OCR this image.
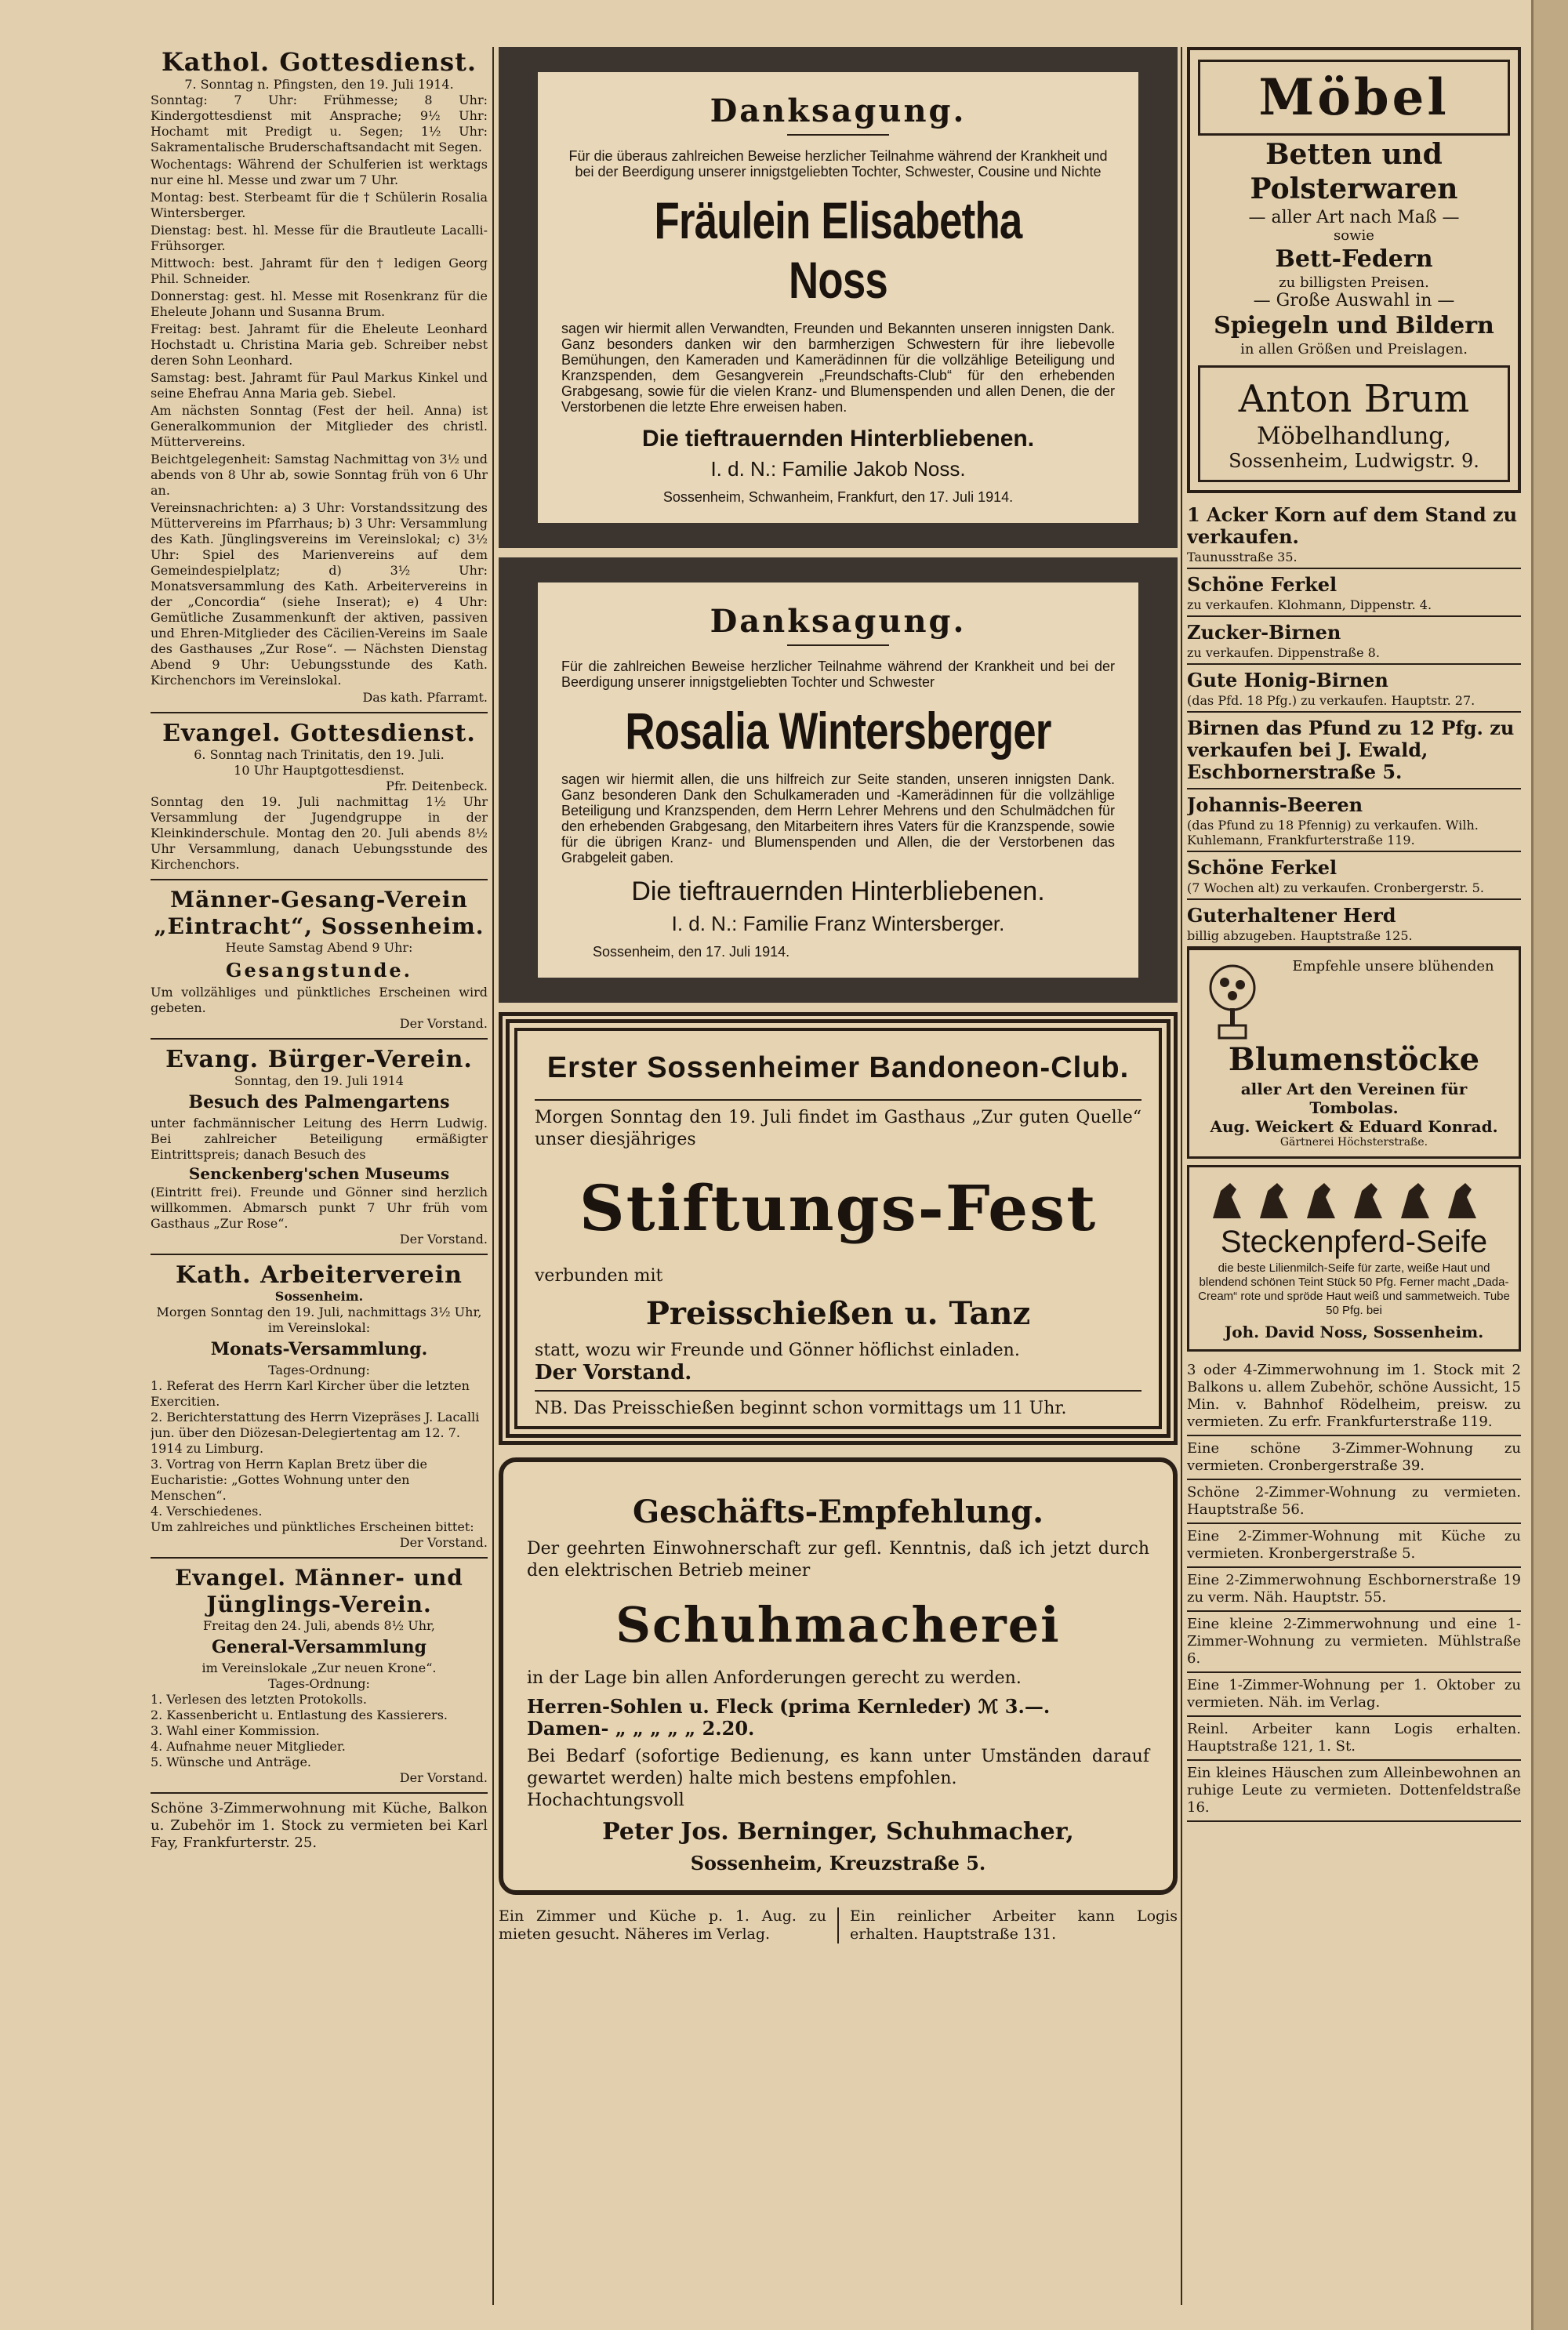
Kathol. Gottesdienst.

7. Sonntag n. Pfingsten, den 19. Juli 1914.

Sonntag: 7 Uhr: Frühmesse; 8 Uhr: Kindergottesdienst mit Ansprache; 9½ Uhr: Hochamt mit Predigt u. Segen; 1½ Uhr: Sakramentalische Bruderschaftsandacht mit Segen.

Wochentags: Während der Schulferien ist werktags nur eine hl. Messe und zwar um 7 Uhr.

Montag: best. Sterbeamt für die † Schülerin Rosalia Wintersberger.

Dienstag: best. hl. Messe für die Brautleute Lacalli-Frühsorger.

Mittwoch: best. Jahramt für den † ledigen Georg Phil. Schneider.

Donnerstag: gest. hl. Messe mit Rosenkranz für die Eheleute Johann und Susanna Brum.

Freitag: best. Jahramt für die Eheleute Leonhard Hochstadt u. Christina Maria geb. Schreiber nebst deren Sohn Leonhard.

Samstag: best. Jahramt für Paul Markus Kinkel und seine Ehefrau Anna Maria geb. Siebel.

Am nächsten Sonntag (Fest der heil. Anna) ist Generalkommunion der Mitglieder des christl. Müttervereins.

Beichtgelegenheit: Samstag Nachmittag von 3½ und abends von 8 Uhr ab, sowie Sonntag früh von 6 Uhr an.

Vereinsnachrichten: a) 3 Uhr: Vorstandssitzung des Müttervereins im Pfarrhaus; b) 3 Uhr: Versammlung des Kath. Jünglingsvereins im Vereinslokal; c) 3½ Uhr: Spiel des Marienvereins auf dem Gemeindespielplatz; d) 3½ Uhr: Monatsversammlung des Kath. Arbeitervereins in der „Concordia“ (siehe Inserat); e) 4 Uhr: Gemütliche Zusammenkunft der aktiven, passiven und Ehren-Mitglieder des Cäcilien-Vereins im Saale des Gasthauses „Zur Rose“. — Nächsten Dienstag Abend 9 Uhr: Uebungsstunde des Kath. Kirchenchors im Vereinslokal.

Das kath. Pfarramt.

Evangel. Gottesdienst.

6. Sonntag nach Trinitatis, den 19. Juli.

10 Uhr Hauptgottesdienst.

Pfr. Deitenbeck.

Sonntag den 19. Juli nachmittag 1½ Uhr Versammlung der Jugendgruppe in der Kleinkinderschule. Montag den 20. Juli abends 8½ Uhr Versammlung, danach Uebungsstunde des Kirchenchors.

Männer-Gesang-Verein „Eintracht“, Sossenheim.

Heute Samstag Abend 9 Uhr:

Gesangstunde.

Um vollzähliges und pünktliches Erscheinen wird gebeten.

Der Vorstand.

Evang. Bürger-Verein.

Sonntag, den 19. Juli 1914

Besuch des Palmengartens

unter fachmännischer Leitung des Herrn Ludwig. Bei zahlreicher Beteiligung ermäßigter Eintrittspreis; danach Besuch des

Senckenberg'schen Museums

(Eintritt frei). Freunde und Gönner sind herzlich willkommen. Abmarsch punkt 7 Uhr früh vom Gasthaus „Zur Rose“.

Der Vorstand.

Kath. Arbeiterverein

Sossenheim.

Morgen Sonntag den 19. Juli, nachmittags 3½ Uhr, im Vereinslokal:

Monats-Versammlung.

Tages-Ordnung:

1. Referat des Herrn Karl Kircher über die letzten Exercitien.
2. Berichterstattung des Herrn Vizepräses J. Lacalli jun. über den Diözesan-Delegiertentag am 12. 7. 1914 zu Limburg.
3. Vortrag von Herrn Kaplan Bretz über die Eucharistie: „Gottes Wohnung unter den Menschen“.
4. Verschiedenes.

Um zahlreiches und pünktliches Erscheinen bittet:

Der Vorstand.

Evangel. Männer- und Jünglings-Verein.

Freitag den 24. Juli, abends 8½ Uhr,

General-Versammlung

im Vereinslokale „Zur neuen Krone“.

Tages-Ordnung:

1. Verlesen des letzten Protokolls.
2. Kassenbericht u. Entlastung des Kassierers.
3. Wahl einer Kommission.
4. Aufnahme neuer Mitglieder.
5. Wünsche und Anträge.

Der Vorstand.

Schöne 3-Zimmerwohnung mit Küche, Balkon u. Zubehör im 1. Stock zu vermieten bei Karl Fay, Frankfurterstr. 25.

Danksagung.

Für die überaus zahlreichen Beweise herzlicher Teilnahme während der Krankheit und bei der Beerdigung unserer innigstgeliebten Tochter, Schwester, Cousine und Nichte

Fräulein Elisabetha Noss

sagen wir hiermit allen Verwandten, Freunden und Bekannten unseren innigsten Dank. Ganz besonders danken wir den barmherzigen Schwestern für ihre liebevolle Bemühungen, den Kameraden und Kamerädinnen für die vollzählige Beteiligung und Kranzspenden, dem Gesangverein „Freundschafts-Club“ für den erhebenden Grabgesang, sowie für die vielen Kranz- und Blumenspenden und allen Denen, die der Verstorbenen die letzte Ehre erweisen haben.

Die tieftrauernden Hinterbliebenen.

I. d. N.: Familie Jakob Noss.

Sossenheim, Schwanheim, Frankfurt, den 17. Juli 1914.

Danksagung.

Für die zahlreichen Beweise herzlicher Teilnahme während der Krankheit und bei der Beerdigung unserer innigstgeliebten Tochter und Schwester

Rosalia Wintersberger

sagen wir hiermit allen, die uns hilfreich zur Seite standen, unseren innigsten Dank. Ganz besonderen Dank den Schulkameraden und -Kamerädinnen für die vollzählige Beteiligung und Kranzspenden, dem Herrn Lehrer Mehrens und den Schulmädchen für den erhebenden Grabgesang, den Mitarbeitern ihres Vaters für die Kranzspende, sowie für die übrigen Kranz- und Blumenspenden und Allen, die der Verstorbenen das Grabgeleit gaben.

Die tieftrauernden Hinterbliebenen.

I. d. N.: Familie Franz Wintersberger.

Sossenheim, den 17. Juli 1914.

Erster Sossenheimer Bandoneon-Club.

Morgen Sonntag den 19. Juli findet im Gasthaus „Zur guten Quelle“ unser diesjähriges

Stiftungs-Fest

verbunden mit

Preisschießen u. Tanz

statt, wozu wir Freunde und Gönner höflichst einladen.

Der Vorstand.

NB. Das Preisschießen beginnt schon vormittags um 11 Uhr.

Geschäfts-Empfehlung.

Der geehrten Einwohnerschaft zur gefl. Kenntnis, daß ich jetzt durch den elektrischen Betrieb meiner

Schuhmacherei

in der Lage bin allen Anforderungen gerecht zu werden.

Herren-Sohlen u. Fleck (prima Kernleder) ℳ 3.—.

Damen- „ „ „ „ „ 2.20.

Bei Bedarf (sofortige Bedienung, es kann unter Umständen darauf gewartet werden) halte mich bestens empfohlen.

Hochachtungsvoll

Peter Jos. Berninger, Schuhmacher,

Sossenheim, Kreuzstraße 5.

Ein Zimmer und Küche p. 1. Aug. zu mieten gesucht. Näheres im Verlag.

Ein reinlicher Arbeiter kann Logis erhalten. Hauptstraße 131.

Möbel

Betten und Polsterwaren

— aller Art nach Maß —

sowie

Bett-Federn

zu billigsten Preisen.

— Große Auswahl in —

Spiegeln und Bildern

in allen Größen und Preislagen.

Anton Brum

Möbelhandlung,

Sossenheim, Ludwigstr. 9.

1 Acker Korn auf dem Stand zu verkaufen.

Taunusstraße 35.

Schöne Ferkel

zu verkaufen. Klohmann, Dippenstr. 4.

Zucker-Birnen

zu verkaufen. Dippenstraße 8.

Gute Honig-Birnen

(das Pfd. 18 Pfg.) zu verkaufen. Hauptstr. 27.

Birnen das Pfund zu 12 Pfg. zu verkaufen bei J. Ewald, Eschbornerstraße 5.

Johannis-Beeren

(das Pfund zu 18 Pfennig) zu verkaufen. Wilh. Kuhlemann, Frankfurterstraße 119.

Schöne Ferkel

(7 Wochen alt) zu verkaufen. Cronbergerstr. 5.

Guterhaltener Herd

billig abzugeben. Hauptstraße 125.

Empfehle unsere blühenden

Blumenstöcke

aller Art den Vereinen für Tombolas.

Aug. Weickert & Eduard Konrad.

Gärtnerei Höchsterstraße.

Steckenpferd-Seife

die beste Lilienmilch-Seife für zarte, weiße Haut und blendend schönen Teint Stück 50 Pfg. Ferner macht „Dada-Cream“ rote und spröde Haut weiß und sammetweich. Tube 50 Pfg. bei

Joh. David Noss, Sossenheim.

3 oder 4-Zimmerwohnung im 1. Stock mit 2 Balkons u. allem Zubehör, schöne Aussicht, 15 Min. v. Bahnhof Rödelheim, preisw. zu vermieten. Zu erfr. Frankfurterstraße 119.

Eine schöne 3-Zimmer-Wohnung zu vermieten. Cronbergerstraße 39.

Schöne 2-Zimmer-Wohnung zu vermieten. Hauptstraße 56.

Eine 2-Zimmer-Wohnung mit Küche zu vermieten. Kronbergerstraße 5.

Eine 2-Zimmerwohnung Eschbornerstraße 19 zu verm. Näh. Hauptstr. 55.

Eine kleine 2-Zimmerwohnung und eine 1-Zimmer-Wohnung zu vermieten. Mühlstraße 6.

Eine 1-Zimmer-Wohnung per 1. Oktober zu vermieten. Näh. im Verlag.

Reinl. Arbeiter kann Logis erhalten. Hauptstraße 121, 1. St.

Ein kleines Häuschen zum Alleinbewohnen an ruhige Leute zu vermieten. Dottenfeldstraße 16.
